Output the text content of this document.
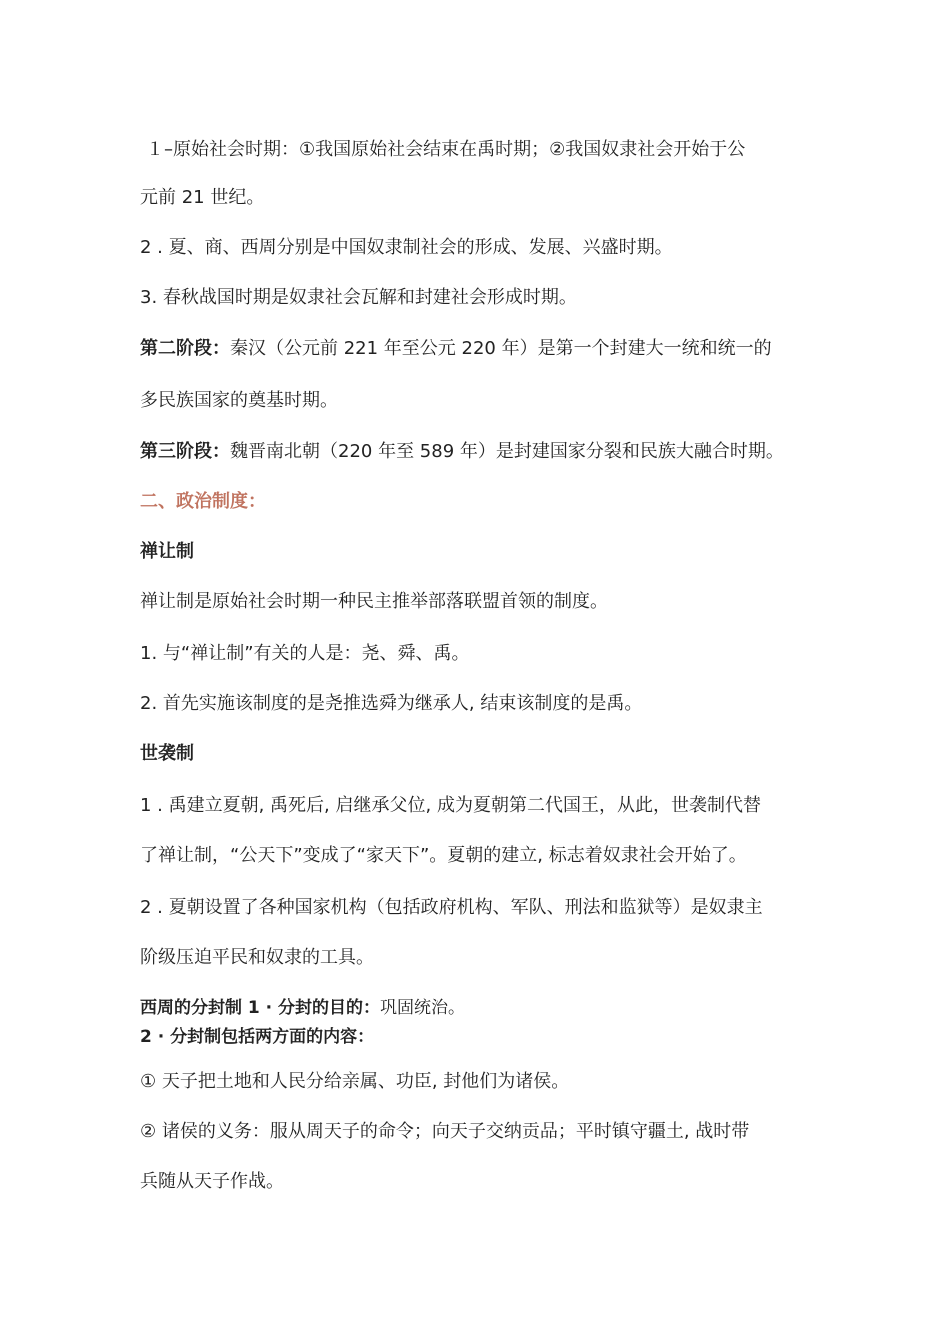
１–原始社会时期：①我国原始社会结束在禹时期；②我国奴隶社会开始于公
元前 21 世纪。
2 . 夏、商、西周分别是中国奴隶制社会的形成、发展、兴盛时期。
3. 春秋战国时期是奴隶社会瓦解和封建社会形成时期。
第二阶段：秦汉（公元前 221 年至公元 220 年）是第一个封建大一统和统一的
多民族国家的奠基时期。
第三阶段：魏晋南北朝（220 年至 589 年）是封建国家分裂和民族大融合时期。
二、政治制度：
禅让制
禅让制是原始社会时期一种民主推举部落联盟首领的制度。
1. 与“禅让制”有关的人是：尧、舜、禹。
2. 首先实施该制度的是尧推选舜为继承人, 结束该制度的是禹。
世袭制
1 . 禹建立夏朝, 禹死后, 启继承父位, 成为夏朝第二代国王，从此，世袭制代替
了禅让制，“公天下”变成了“家天下”。夏朝的建立, 标志着奴隶社会开始了。
2 . 夏朝设置了各种国家机构（包括政府机构、军队、刑法和监狱等）是奴隶主
阶级压迫平民和奴隶的工具。
西周的分封制 1 · 分封的目的：巩固统治。
2 · 分封制包括两方面的内容：
① 天子把土地和人民分给亲属、功臣, 封他们为诸侯。
② 诸侯的义务：服从周天子的命令；向天子交纳贡品；平时镇守疆土, 战时带
兵随从天子作战。
